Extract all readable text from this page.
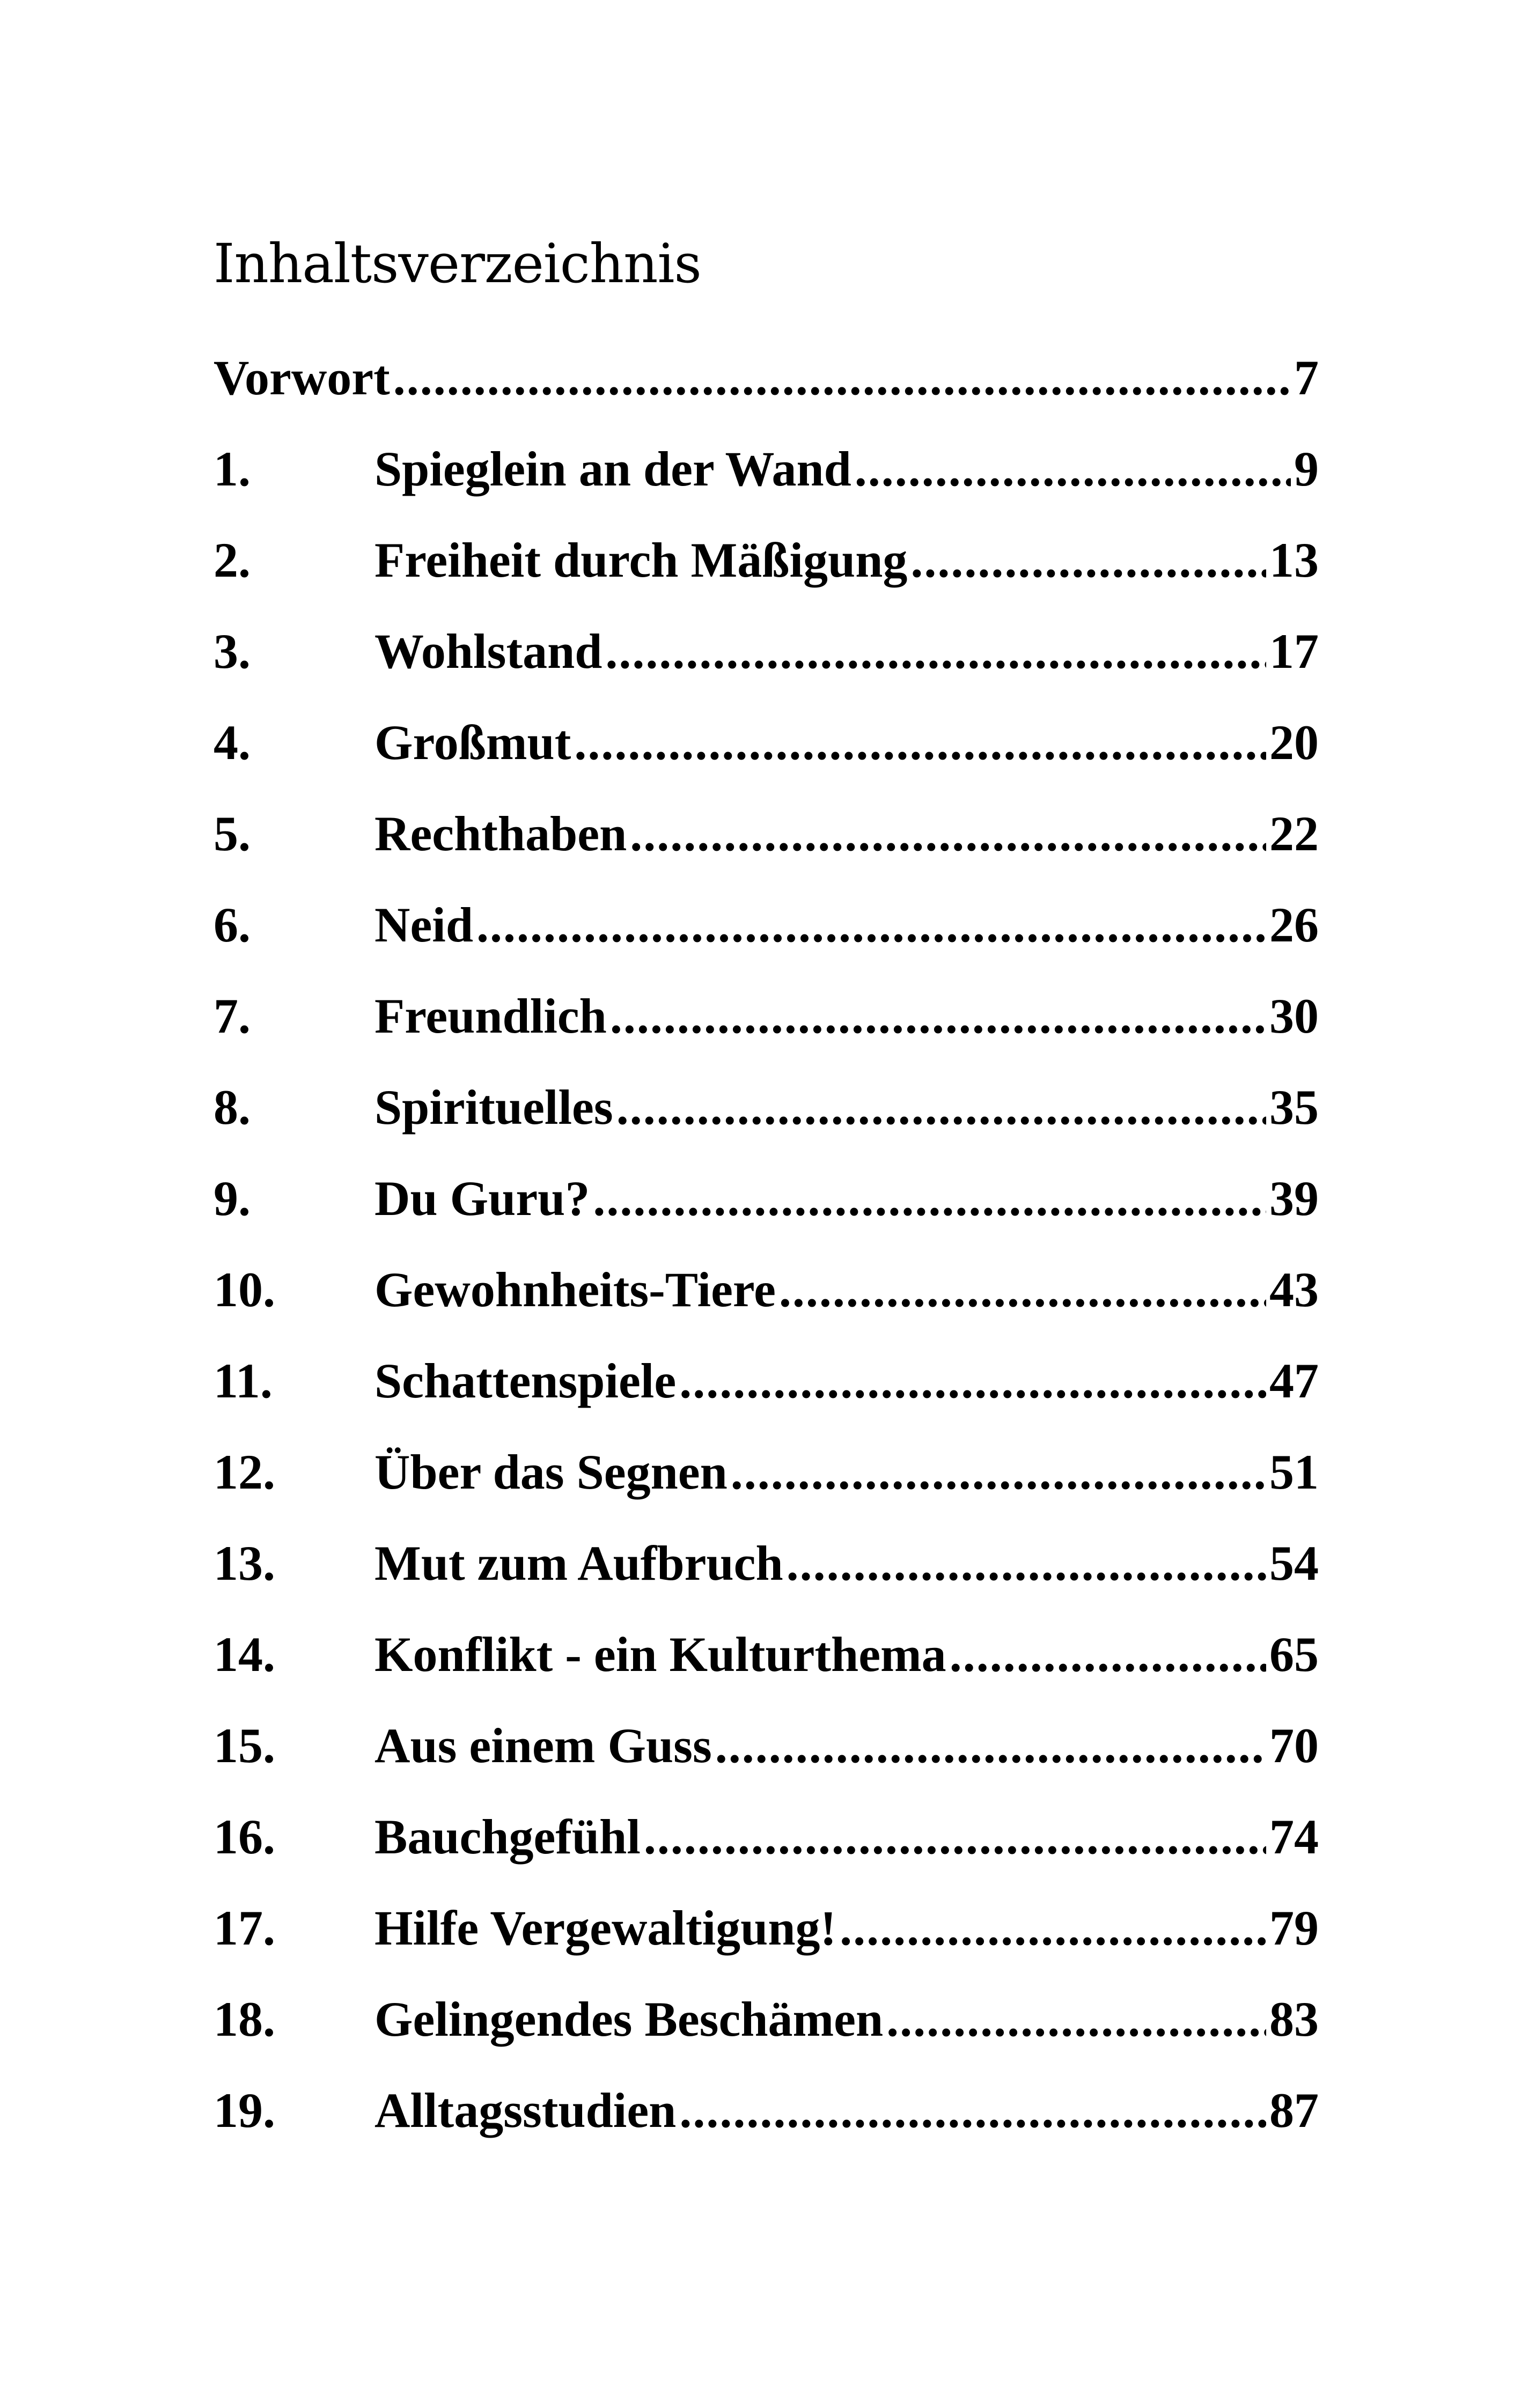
Inhaltsverzeichnis
Vorwort .....	7
1.	Spieglein an der Wand .....	9
2.	Freiheit durch Mäßigung .....	13
3.	Wohlstand .....	17
4.	Großmut .....	20
5.	Rechthaben .....	22
6.	Neid .....	26
7.	Freundlich .....	30
8.	Spirituelles .....	35
9.	Du Guru? .....	39
10.	Gewohnheits-Tiere .....	43
11.	Schattenspiele .....	47
12.	Über das Segnen .....	51
13.	Mut zum Aufbruch .....	54
14.	Konflikt - ein Kulturthema .....	65
15.	Aus einem Guss .....	70
16.	Bauchgefühl .....	74
17.	Hilfe Vergewaltigung! .....	79
18.	Gelingendes Beschämen .....	83
19.	Alltagsstudien .....	87
